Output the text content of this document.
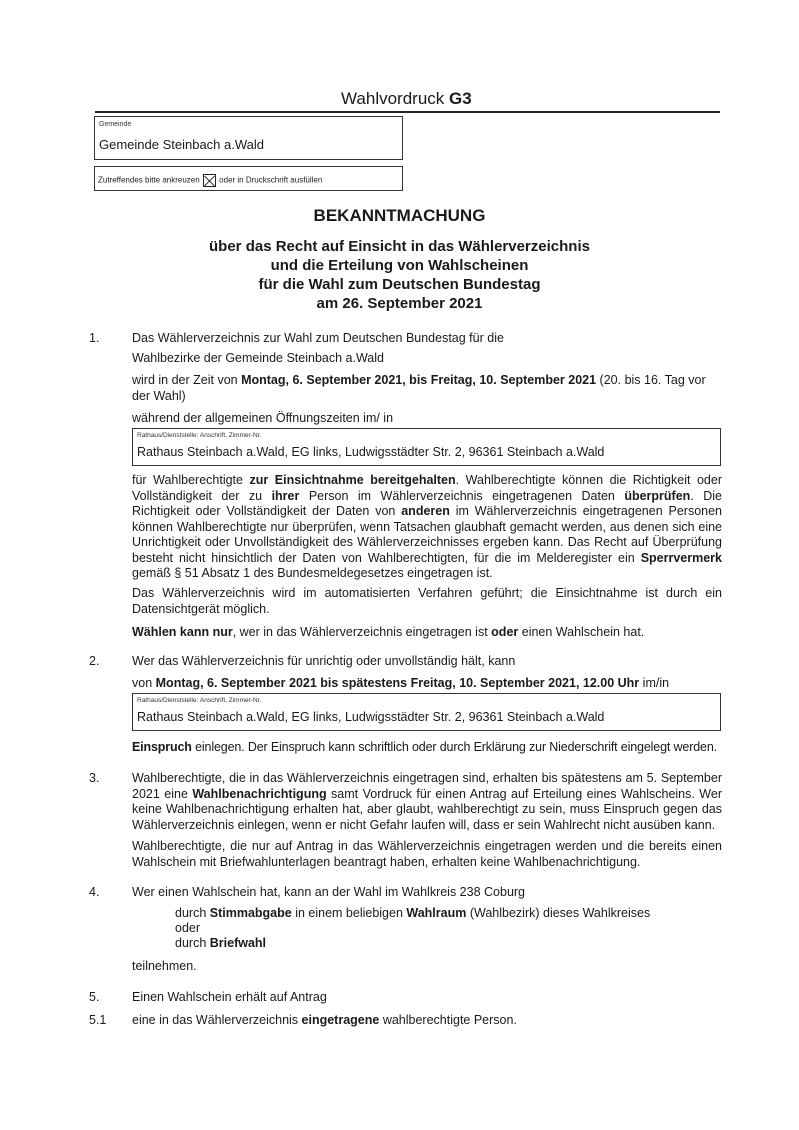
Wahlvordruck G3
Gemeinde
Gemeinde Steinbach a.Wald
Zutreffendes bitte ankreuzen oder in Druckschrift ausfüllen
BEKANNTMACHUNG
über das Recht auf Einsicht in das Wählerverzeichnis
und die Erteilung von Wahlscheinen
für die Wahl zum Deutschen Bundestag
am 26. September 2021
1.	Das Wählerverzeichnis zur Wahl zum Deutschen Bundestag für die
Wahlbezirke der Gemeinde Steinbach a.Wald
wird in der Zeit von Montag, 6. September 2021, bis Freitag, 10. September 2021 (20. bis 16. Tag vor der Wahl)
während der allgemeinen Öffnungszeiten im/ in
Rathaus/Dienststelle: Anschrift, Zimmer-Nr.
Rathaus Steinbach a.Wald, EG links, Ludwigsstädter Str. 2, 96361 Steinbach a.Wald
für Wahlberechtigte zur Einsichtnahme bereitgehalten. Wahlberechtigte können die Richtigkeit oder Vollständigkeit der zu ihrer Person im Wählerverzeichnis eingetragenen Daten überprüfen. Die Richtigkeit oder Vollständigkeit der Daten von anderen im Wählerverzeichnis eingetragenen Personen können Wahlberechtigte nur überprüfen, wenn Tatsachen glaubhaft gemacht werden, aus denen sich eine Unrichtigkeit oder Unvollständigkeit des Wählerverzeichnisses ergeben kann. Das Recht auf Überprüfung besteht nicht hinsichtlich der Daten von Wahlberechtigten, für die im Melderegister ein Sperrvermerk gemäß § 51 Absatz 1 des Bundesmeldegesetzes eingetragen ist.
Das Wählerverzeichnis wird im automatisierten Verfahren geführt; die Einsichtnahme ist durch ein Datensichtgerät möglich.
Wählen kann nur, wer in das Wählerverzeichnis eingetragen ist oder einen Wahlschein hat.
2.	Wer das Wählerverzeichnis für unrichtig oder unvollständig hält, kann
von Montag, 6. September 2021 bis spätestens Freitag, 10. September 2021, 12.00 Uhr im/in
Rathaus/Dienststelle: Anschrift, Zimmer-Nr.
Rathaus Steinbach a.Wald, EG links, Ludwigsstädter Str. 2, 96361 Steinbach a.Wald
Einspruch einlegen. Der Einspruch kann schriftlich oder durch Erklärung zur Niederschrift eingelegt werden.
3.	Wahlberechtigte, die in das Wählerverzeichnis eingetragen sind, erhalten bis spätestens am 5. September 2021 eine Wahlbenachrichtigung samt Vordruck für einen Antrag auf Erteilung eines Wahlscheins. Wer keine Wahlbenachrichtigung erhalten hat, aber glaubt, wahlberechtigt zu sein, muss Einspruch gegen das Wählerverzeichnis einlegen, wenn er nicht Gefahr laufen will, dass er sein Wahlrecht nicht ausüben kann.
Wahlberechtigte, die nur auf Antrag in das Wählerverzeichnis eingetragen werden und die bereits einen Wahlschein mit Briefwahlunterlagen beantragt haben, erhalten keine Wahlbenachrichtigung.
4.	Wer einen Wahlschein hat, kann an der Wahl im Wahlkreis 238 Coburg
durch Stimmabgabe in einem beliebigen Wahlraum (Wahlbezirk) dieses Wahlkreises
oder
durch Briefwahl
teilnehmen.
5.	Einen Wahlschein erhält auf Antrag
5.1 eine in das Wählerverzeichnis eingetragene wahlberechtigte Person.
